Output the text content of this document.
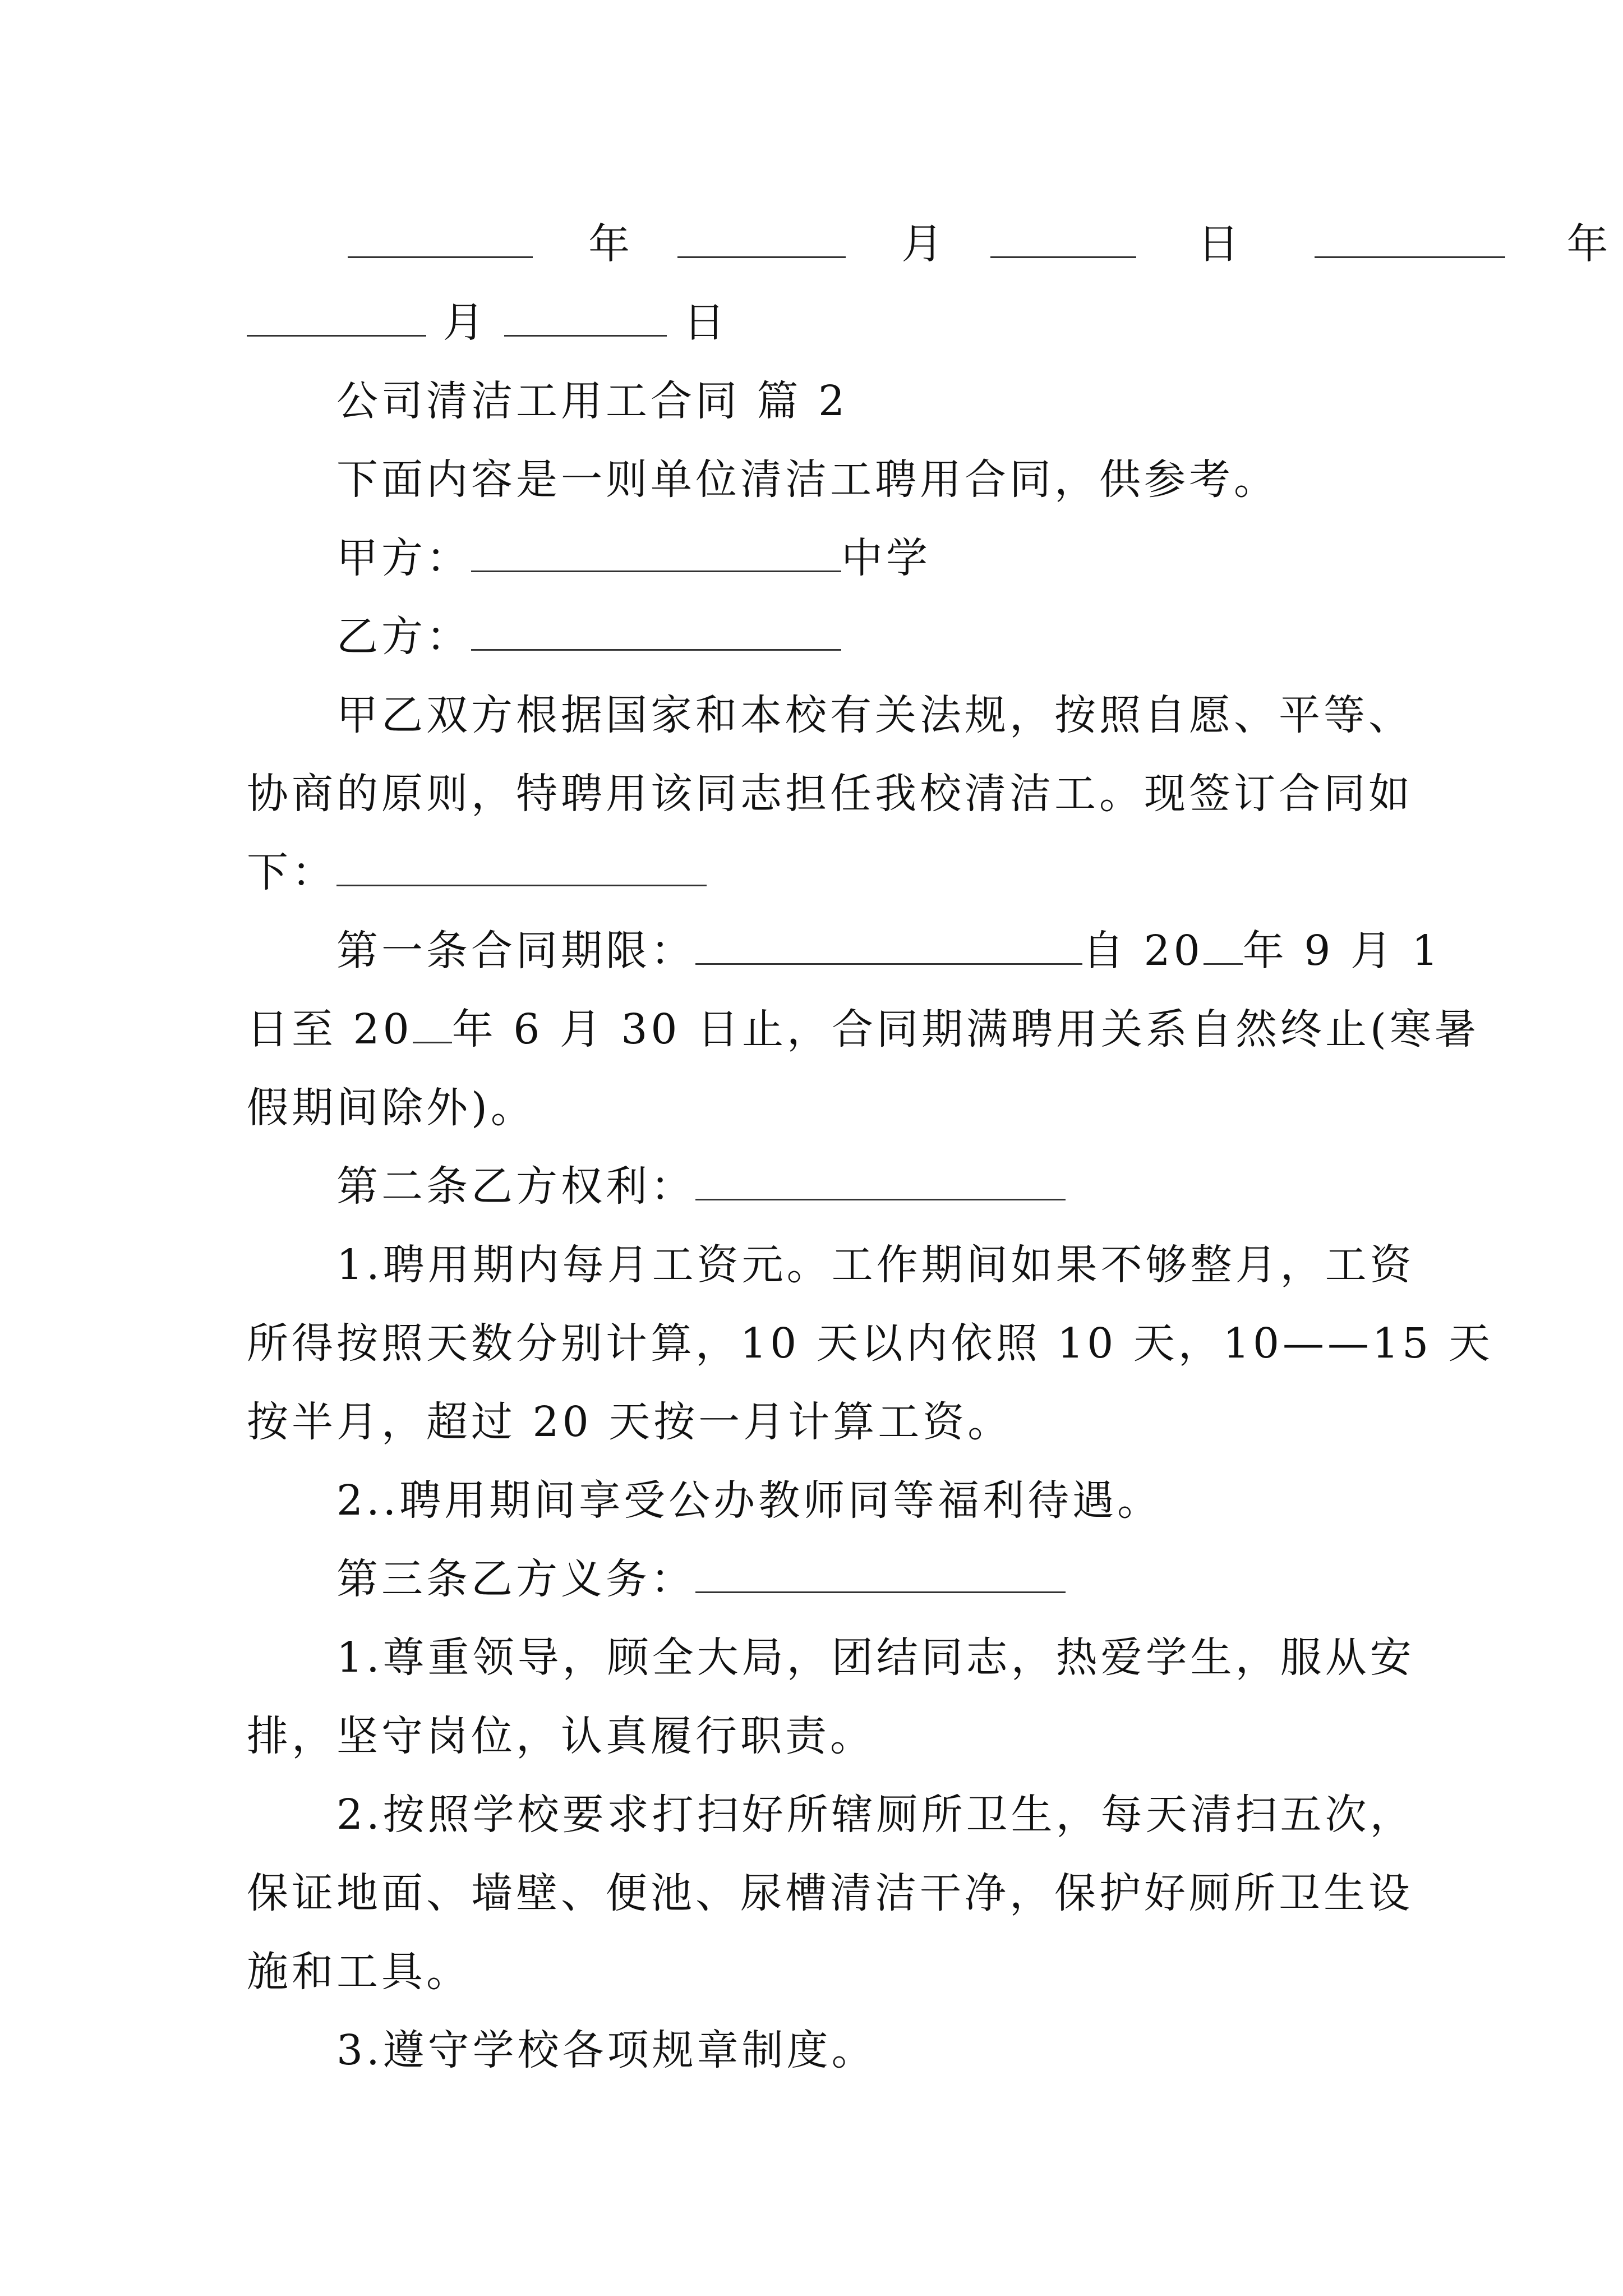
年	月	日	年
月	日
公司清洁工用工合同 篇 2
下面内容是一则单位清洁工聘用合同，供参考。
甲方：	中学
乙方：
甲乙双方根据国家和本校有关法规，按照自愿、平等、
协商的原则，特聘用该同志担任我校清洁工。现签订合同如
下：
第一条合同期限：	自 20 年 9 月 1
日至 20 年 6 月 30 日止，合同期满聘用关系自然终止(寒暑
假期间除外)。
第二条乙方权利：
1.聘用期内每月工资元。工作期间如果不够整月，工资
所得按照天数分别计算，10 天以内依照 10 天，10——15 天
按半月，超过 20 天按一月计算工资。
2..聘用期间享受公办教师同等福利待遇。
第三条乙方义务：
1.尊重领导，顾全大局，团结同志，热爱学生，服从安
排，坚守岗位，认真履行职责。
2.按照学校要求打扫好所辖厕所卫生，每天清扫五次，
保证地面、墙壁、便池、尿槽清洁干净，保护好厕所卫生设
施和工具。
3.遵守学校各项规章制度。
